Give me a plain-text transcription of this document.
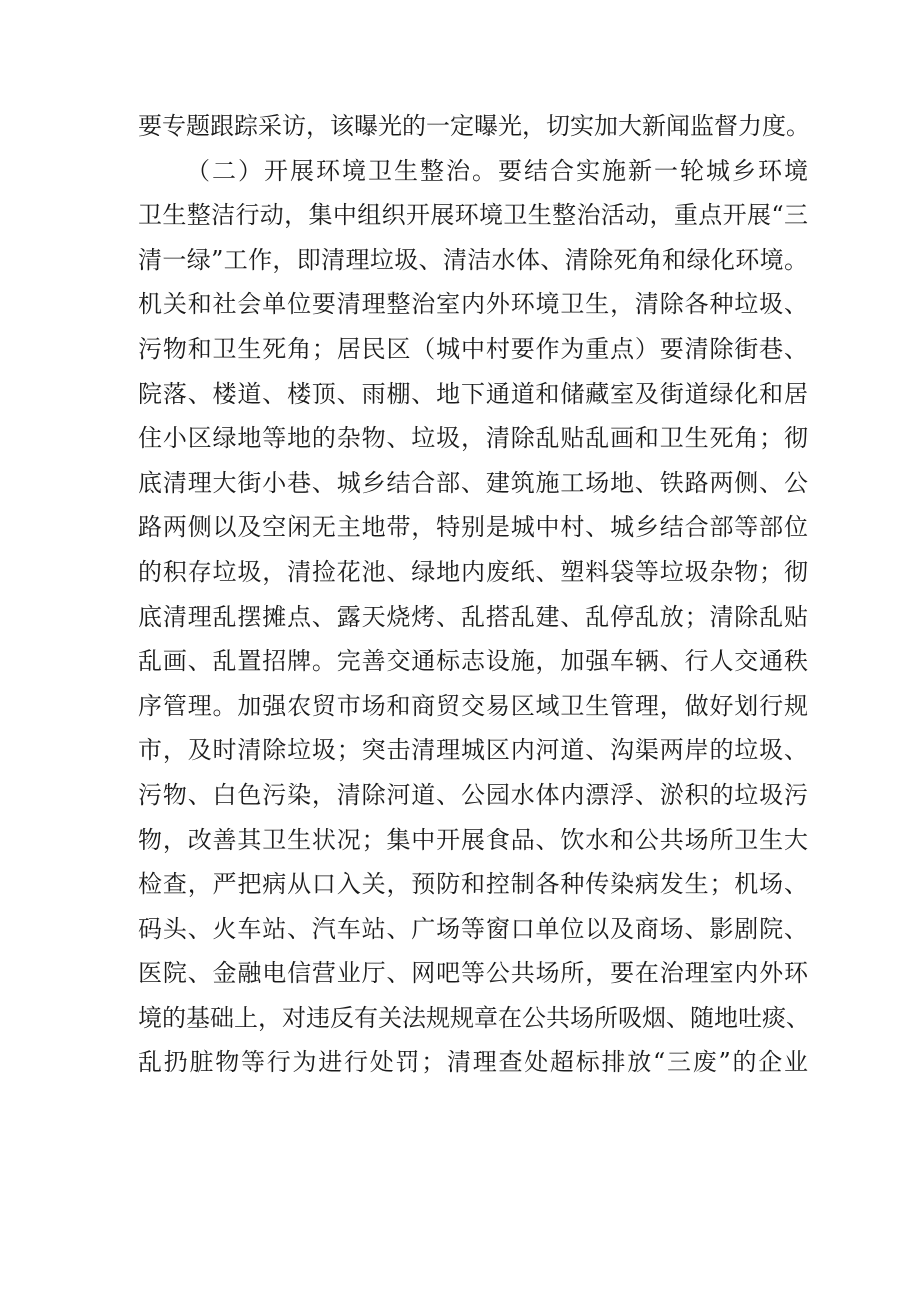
要专题跟踪采访，该曝光的一定曝光，切实加大新闻监督力度。
（二）开展环境卫生整治。要结合实施新一轮城乡环境
卫生整洁行动，集中组织开展环境卫生整治活动，重点开展“三
清一绿”工作，即清理垃圾、清洁水体、清除死角和绿化环境。
机关和社会单位要清理整治室内外环境卫生，清除各种垃圾、
污物和卫生死角；居民区（城中村要作为重点）要清除街巷、
院落、楼道、楼顶、雨棚、地下通道和储藏室及街道绿化和居
住小区绿地等地的杂物、垃圾，清除乱贴乱画和卫生死角；彻
底清理大街小巷、城乡结合部、建筑施工场地、铁路两侧、公
路两侧以及空闲无主地带，特别是城中村、城乡结合部等部位
的积存垃圾，清捡花池、绿地内废纸、塑料袋等垃圾杂物；彻
底清理乱摆摊点、露天烧烤、乱搭乱建、乱停乱放；清除乱贴
乱画、乱置招牌。完善交通标志设施，加强车辆、行人交通秩
序管理。加强农贸市场和商贸交易区域卫生管理，做好划行规
市，及时清除垃圾；突击清理城区内河道、沟渠两岸的垃圾、
污物、白色污染，清除河道、公园水体内漂浮、淤积的垃圾污
物，改善其卫生状况；集中开展食品、饮水和公共场所卫生大
检查，严把病从口入关，预防和控制各种传染病发生；机场、
码头、火车站、汽车站、广场等窗口单位以及商场、影剧院、
医院、金融电信营业厅、网吧等公共场所，要在治理室内外环
境的基础上，对违反有关法规规章在公共场所吸烟、随地吐痰、
乱扔脏物等行为进行处罚；清理查处超标排放“三废”的企业
